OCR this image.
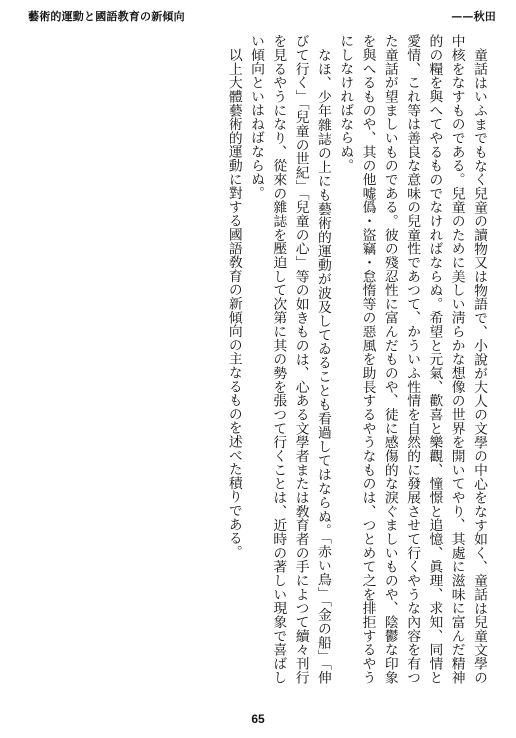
藝術的運動と國語教育の新傾向	——秋田

童話はいふまでもなく兒童の讀物又は物語で、小說が大人の文學の中心をなす如く、童話は兒童文學の中核をなすものである。兒童のために美しい淸らかな想像の世界を開いてやり、其處に滋味に富んだ精神的の糧を與へてやるものでなければならぬ。希望と元氣、歡喜と樂觀、憧憬と追憶、眞理、求知、同情と愛情、これ等は善良な意味の兒童性であつて、かういふ性情を自然的に發展させて行くやうな內容を有つた童話が望ましいものである。彼の殘忍性に富んだものや、徒に感傷的な淚ぐましいものや、陰鬱な印象を與へるものや、其の他嘘僞・盜竊・怠惰等の惡風を助長するやうなものは、つとめて之を排拒するやうにしなければならぬ。

なほ、少年雜誌の上にも藝術的運動が波及してゐることも看過してはならぬ。「赤い鳥」「金の船」「伸びて行く」「兒童の世紀」「兒童の心」等の如きものは、心ある文學者または敎育者の手によつて續々刊行を見るやうになり、從來の雜誌を壓迫して次第に其の勢を張つて行くことは、近時の著しい現象で喜ばしい傾向といはねばならぬ。

以上大體藝術的運動に對する國語敎育の新傾向の主なるものを述べた積りである。

65
